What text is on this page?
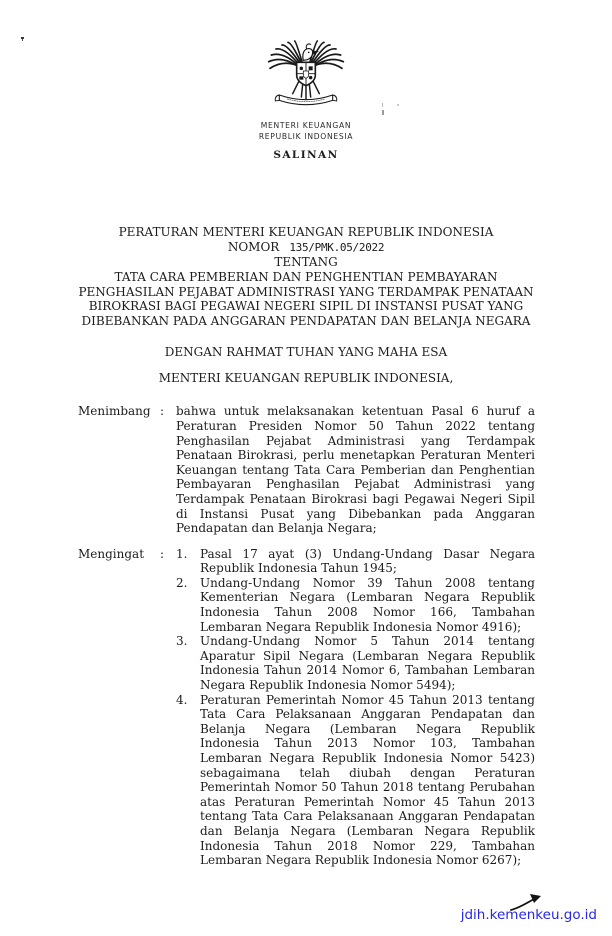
MENTERI KEUANGAN
REPUBLIK INDONESIA
SALINAN
PERATURAN MENTERI KEUANGAN REPUBLIK INDONESIA
NOMOR 135/PMK.05/2022
TENTANG
TATA CARA PEMBERIAN DAN PENGHENTIAN PEMBAYARAN
PENGHASILAN PEJABAT ADMINISTRASI YANG TERDAMPAK PENATAAN
BIROKRASI BAGI PEGAWAI NEGERI SIPIL DI INSTANSI PUSAT YANG
DIBEBANKAN PADA ANGGARAN PENDAPATAN DAN BELANJA NEGARA
DENGAN RAHMAT TUHAN YANG MAHA ESA
MENTERI KEUANGAN REPUBLIK INDONESIA,
Menimbang : bahwa untuk melaksanakan ketentuan Pasal 6 huruf a Peraturan Presiden Nomor 50 Tahun 2022 tentang Penghasilan Pejabat Administrasi yang Terdampak Penataan Birokrasi, perlu menetapkan Peraturan Menteri Keuangan tentang Tata Cara Pemberian dan Penghentian Pembayaran Penghasilan Pejabat Administrasi yang Terdampak Penataan Birokrasi bagi Pegawai Negeri Sipil di Instansi Pusat yang Dibebankan pada Anggaran Pendapatan dan Belanja Negara;
Mengingat	: 1.	Pasal 17 ayat (3) Undang-Undang Dasar Negara Republik Indonesia Tahun 1945;
2.	Undang-Undang Nomor 39 Tahun 2008 tentang Kementerian Negara (Lembaran Negara Republik Indonesia Tahun 2008 Nomor 166, Tambahan Lembaran Negara Republik Indonesia Nomor 4916);
3.	Undang-Undang Nomor 5 Tahun 2014 tentang Aparatur Sipil Negara (Lembaran Negara Republik Indonesia Tahun 2014 Nomor 6, Tambahan Lembaran Negara Republik Indonesia Nomor 5494);
4.	Peraturan Pemerintah Nomor 45 Tahun 2013 tentang Tata Cara Pelaksanaan Anggaran Pendapatan dan Belanja Negara (Lembaran Negara Republik Indonesia Tahun 2013 Nomor 103, Tambahan Lembaran Negara Republik Indonesia Nomor 5423) sebagaimana telah diubah dengan Peraturan Pemerintah Nomor 50 Tahun 2018 tentang Perubahan atas Peraturan Pemerintah Nomor 45 Tahun 2013 tentang Tata Cara Pelaksanaan Anggaran Pendapatan dan Belanja Negara (Lembaran Negara Republik Indonesia Tahun 2018 Nomor 229, Tambahan Lembaran Negara Republik Indonesia Nomor 6267);
jdih.kemenkeu.go.id
